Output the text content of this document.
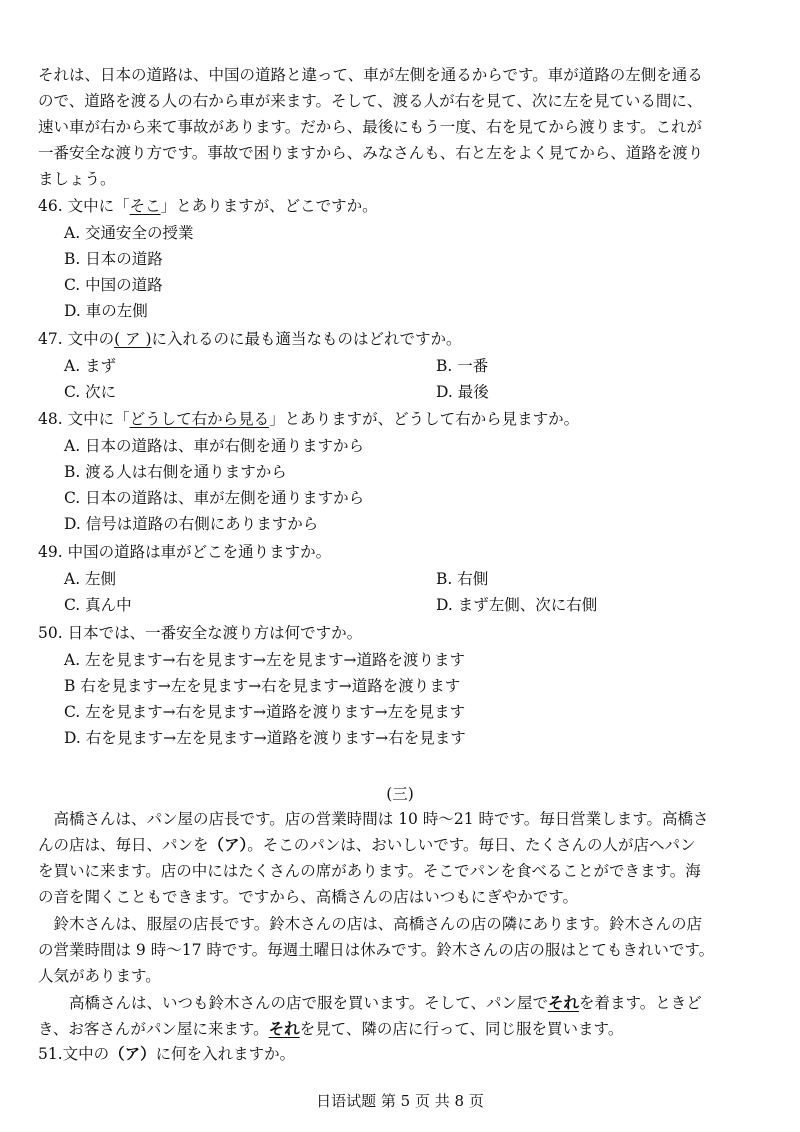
それは、日本の道路は、中国の道路と違って、車が左側を通るからです。車が道路の左側を通る
ので、道路を渡る人の右から車が来ます。そして、渡る人が右を見て、次に左を見ている間に、
速い車が右から来て事故があります。だから、最後にもう一度、右を見てから渡ります。これが
一番安全な渡り方です。事故で困りますから、みなさんも、右と左をよく見てから、道路を渡り
ましょう。
46. 文中に「そこ」とありますが、どこですか。
A. 交通安全の授業
B. 日本の道路
C. 中国の道路
D. 車の左側
47. 文中の( ア )に入れるのに最も適当なものはどれですか。
A. まず	B. 一番
C. 次に	D. 最後
48. 文中に「どうして右から見る」とありますが、どうして右から見ますか。
A. 日本の道路は、車が右側を通りますから
B. 渡る人は右側を通りますから
C. 日本の道路は、車が左側を通りますから
D. 信号は道路の右側にありますから
49. 中国の道路は車がどこを通りますか。
A. 左側	B. 右側
C. 真ん中	D. まず左側、次に右側
50. 日本では、一番安全な渡り方は何ですか。
A. 左を見ます→右を見ます→左を見ます→道路を渡ります
B 右を見ます→左を見ます→右を見ます→道路を渡ります
C. 左を見ます→右を見ます→道路を渡ります→左を見ます
D. 右を見ます→左を見ます→道路を渡ります→右を見ます
(三)
　高橋さんは、パン屋の店長です。店の営業時間は 10 時～21 時です。毎日営業します。高橋さ
んの店は、毎日、パンを（ア）。そこのパンは、おいしいです。毎日、たくさんの人が店へパン
を買いに来ます。店の中にはたくさんの席があります。そこでパンを食べることができます。海
の音を聞くこともできます。ですから、高橋さんの店はいつもにぎやかです。
　鈴木さんは、服屋の店長です。鈴木さんの店は、高橋さんの店の隣にあります。鈴木さんの店
の営業時間は 9 時～17 時です。毎週土曜日は休みです。鈴木さんの店の服はとてもきれいです。
人気があります。
　　高橋さんは、いつも鈴木さんの店で服を買います。そして、パン屋でそれを着ます。ときど
き、お客さんがパン屋に来ます。それを見て、隣の店に行って、同じ服を買います。
51.文中の（ア）に何を入れますか。
日语试题 第 5 页 共 8 页
